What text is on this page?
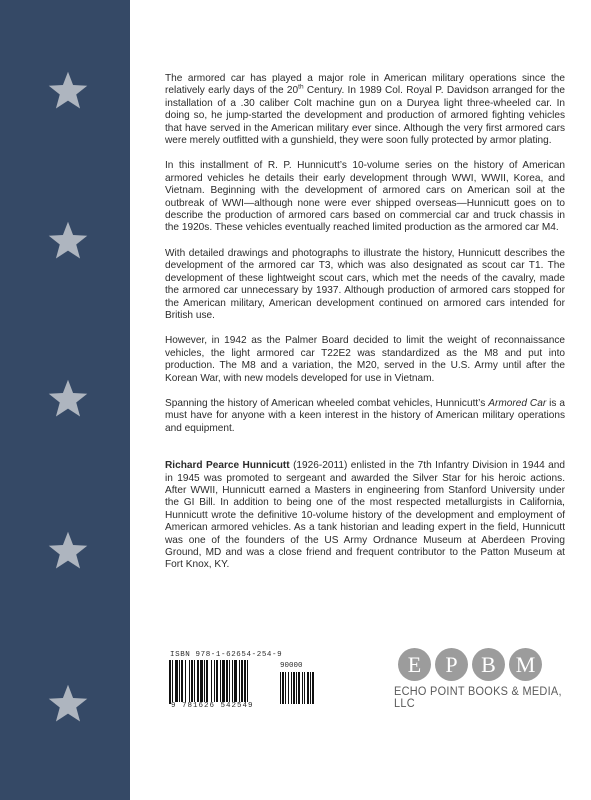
The armored car has played a major role in American military operations since the relatively early days of the 20th Century. In 1989 Col. Royal P. Davidson arranged for the installation of a .30 caliber Colt machine gun on a Duryea light three-wheeled car. In doing so, he jump-started the development and production of armored fighting vehicles that have served in the American military ever since. Although the very first armored cars were merely outfitted with a gunshield, they were soon fully protected by armor plating.

In this installment of R. P. Hunnicutt’s 10-volume series on the history of American armored vehicles he details their early development through WWI, WWII, Korea, and Vietnam. Beginning with the development of armored cars on American soil at the outbreak of WWI—although none were ever shipped overseas—Hunnicutt goes on to describe the production of armored cars based on commercial car and truck chassis in the 1920s. These vehicles eventually reached limited production as the armored car M4.

With detailed drawings and photographs to illustrate the history, Hunnicutt describes the development of the armored car T3, which was also designated as scout car T1. The development of these lightweight scout cars, which met the needs of the cavalry, made the armored car unnecessary by 1937. Although production of armored cars stopped for the American military, American development continued on armored cars intended for British use.

However, in 1942 as the Palmer Board decided to limit the weight of reconnaissance vehicles, the light armored car T22E2 was standardized as the M8 and put into production. The M8 and a variation, the M20, served in the U.S. Army until after the Korean War, with new models developed for use in Vietnam.

Spanning the history of American wheeled combat vehicles, Hunnicutt’s Armored Car is a must have for anyone with a keen interest in the history of American military operations and equipment.

Richard Pearce Hunnicutt (1926-2011) enlisted in the 7th Infantry Division in 1944 and in 1945 was promoted to sergeant and awarded the Silver Star for his heroic actions. After WWII, Hunnicutt earned a Masters in engineering from Stanford University under the GI Bill. In addition to being one of the most respected metallurgists in California, Hunnicutt wrote the definitive 10-volume history of the development and employment of American armored vehicles. As a tank historian and leading expert in the field, Hunnicutt was one of the founders of the US Army Ordnance Museum at Aberdeen Proving Ground, MD and was a close friend and frequent contributor to the Patton Museum at Fort Knox, KY.

ISBN 978-1-62654-254-9
90000
9 781626 542549
E	P	B M
ECHO POINT BOOKS & MEDIA, LLC
